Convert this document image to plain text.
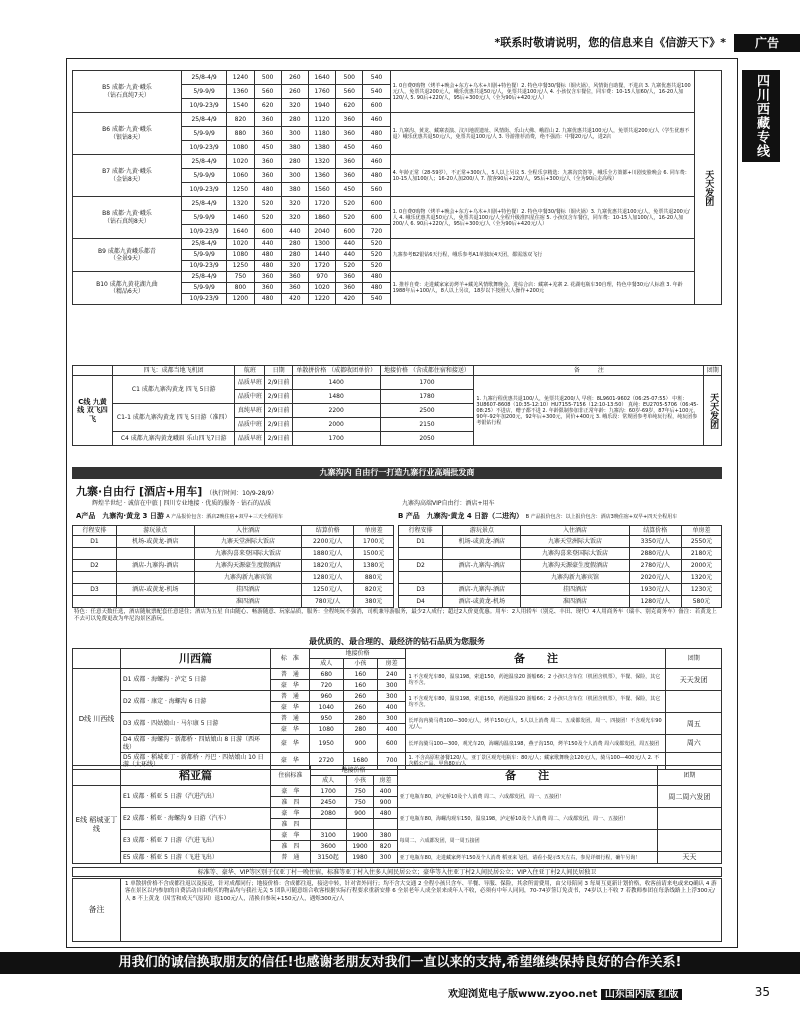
*联系时敬请说明，您的信息来自《信游天下》*	广告
四川西藏专线
B5 成都·九黄·峨乐
（钻石真纯7天）	25/8-4/9	1240	500	260	1640	500	540	1. 0自费0购物（烤羊+晚会+东方+乌木+川剧+特色餐）2. 特色中餐30/餐标（铜火锅），风情街自助餐，不进店 3. 九寨优惠共退100元/人，免票共退200元人，峨乐优惠共退50元/人，免票共退100元/人 4. 小孩仅含车餐位，同车费：10-15人加60/人，16-20人加120/人 5. 90后+220/人，95后+300元/人（全为90后+420元/人）	天天发团
	5/9-9/9	1360	560	260	1760	560	540		
	10/9-23/9	1540	620	320	1940	620	600		

B6 成都·九黄·峨乐
（银钻8天）	25/8-4/9	820	360	280	1120	360	460	1. 九寨沟、黄龙、藏寨表演、汶川地震遗址、风情街、乐山大佛、峨眉山 2. 九寨优惠共退100元/人，免票共退200元/人（学生优惠不退）峨乐优惠共退50元/人，免票共退100元/人 3. 导游推荐消费，绝不强消：中餐20元/人，进2店	
	5/9-9/9	880	360	300	1180	360	480		
	10/9-23/9	1080	450	380	1380	450	460		

B7 成都·九黄·峨乐
（金钻8天）	25/8-4/9	1020	360	280	1320	360	460	4. 年龄正常（28-59岁），不正常+300/人，5人以上另议 5. 全程乐享精选：九寨沟宾馆等，峨乐全方策都+川剧变脸晚会 6. 同车费：10-15人加100/人；16-20人加200/人 7. 散客90后+220/人，95后+300元/人（全为90后走高线）	
	5/9-9/9	1060	360	300	1360	360	480		
	10/9-23/9	1250	480	380	1560	450	560		

B8 成都·九黄·峨乐
（钻石真纯8天）	25/8-4/9	1320	520	320	1720	520	600	1. 0自费0购物（烤羊+晚会+东方+乌木+川剧+特色餐）2. 特色中餐30/餐标（铜火锅）3. 九寨优惠共退100元/人，免票共退200元/人 4. 峨乐优惠共退50元/人，免票共退100元/人全程升级准四星住宿 5. 小孩仅含车餐位，同车费：10-15人加100/人，16-20人加200/人 6. 90后+220/人，95后+300元/人（全为90后+420元/人）	
	5/9-9/9	1460	520	320	1860	520	600		
	10/9-23/9	1640	600	440	2040	600	720		

B9 成都九黄峨乐都青
（全景9天）	25/8-4/9	1020	440	280	1300	440	520	九寨参考B2银钻6天行程，峨乐参考A1单独玩4天团，都需落双飞行	
	5/9-9/9	1080	480	280	1440	440	520		
	10/9-23/9	1250	480	320	1720	520	520		

B10 成都九黄花湖九曲
（精品6天）	25/8-4/9	750	360	360	970	360	480	1. 推荐自费：走进藏家家访烤羊+藏羌风情歌舞晚会，进综合店：藏寨+羌寨 2. 花湖电瓶车30自理，特色中餐30元/人标准 3. 年龄1988年后+100/人，8人以上另议，18岁以下按照大人操作+200元	
	5/9-9/9	800	360	360	1020	360	480		
	10/9-23/9	1200	480	420	1220	420	540		
	四飞：成都当地飞机团	航班	日期	单散拼价格 （成都收团单价）	地接价格 （含成都住宿和接送）	备　　　注	团期
C线 九黄线 双飞四飞	C1 成都九寨沟黄龙 四飞 5日游	品质早班	2/9日前	1400	1700	1. 九寨行程优惠共退100/人，免票共退200/人 早班：8L9601-9602（06:25-07:55） 中班：3U8607-8608（10:35-12:10）HU7155-7156（12:10-13:50） 真纯：EU2705-5706（06:45-08:25）不进店，赠子都不进 2. 年龄限制参加非正常年龄：九寨沟：60岁-69岁，87年后+100元，90年-92年加200元，92年后+300元，同价+400元 3. 峨乐段：常规团参考单纯玩行程，纯玩团参考银钻行程	天天发团
		品质中班	2/9日前	1480	1780		
	C1-1 成都九寨沟黄龙 四飞 5日游（准四）	真纯早班	2/9日前	2200	2500		
		品质中班	2/9日前	2000	2150		
	C4 成都九寨沟黄龙峨眉 乐山四飞7日游	品质早班	2/9日前	1700	2050		
九寨沟内 自由行一打造九寨行业高端批发商
九寨·自由行 [酒店+用车] （执行时间：10/9-28/9）
辉煌半世纪 · 诚信在中旅 | 四川专业地接 · 优质的服务 · 钻石的品质	九寨沟高端VIP自由行：酒店+用车
A产品　九寨沟·黄龙 3 日游 A 产品报价包含：酒店2晚住宿+双早+三天全程用车	B 产品　九寨沟·黄龙 4 日游（二进沟） B 产品报价包含：以上报价包含：酒店3晚住宿+双早+四天全程用车
行程安排	游玩景点	入住酒店	结算价格	单房差
D1	机场-或黄龙-酒店	九寨天堂洲际大饭店	2200元/人	1700元
		九寨沟喜来登国际大饭店	1880元/人	1500元
D2	酒店-九寨沟-酒店	九寨沟天源豪生度假酒店	1820元/人	1380元
		九寨沟新九寨宾馆	1280元/人	880元
D3	酒店-或黄龙-机场	挂四酒店	1250元/人	820元
		准四酒店	780元/人	380元
行程安排	游玩景点	入住酒店	结算价格	单房差
D1	机场-或黄龙-酒店	九寨天堂洲际大饭店	3350元/人	2550元
		九寨沟喜来登国际大饭店	2880元/人	2180元
D2	酒店-九寨沟-酒店	九寨沟天源豪生度假酒店	2780元/人	2000元
		九寨沟新九寨宾馆	2020元/人	1320元
D3	酒店-九寨沟-酒店	挂四酒店	1930元/人	1230元
D4	酒店-或黄龙-机场	准四酒店	1280元/人	580元
特色：任意天数任选，酒店随航票配套任意延住；酒店为五星 自由随心、畅游随意、玩家品质，服务：全程纯玩不强消，司机兼导游服务，最少2人成行；超过2人价更优惠。用车：2人用轿车（别克、丰田、现代）4人用商务车（瑞丰、别克商务车）备注：若黄龙上不去可以免费更改为牟尼沟景区游玩。
最优质的、最合理的、最经济的钻石品质为您服务
	川西篇	标　准	地接价格			备　　注	团期
			成人	小孩	房差		
D线 川西线	D1 成都 · 海螺沟 · 泸定 5 日游	普　通	680	160	240	1 不含观光车80，温泉198，索道150，药池温泉20 游船66；2 小孩只含车位（机团含机票），半餐、保险，其它均不含。	天天发团
		豪　华	720	160	300		
	D2 成都 · 康定 · 海螺沟 6 日游	普　通	960	260	300	1 不含观光车80，温泉198，索道150，药池温泉20 游船66；2 小孩只含车位（机团含机票），半餐、保险，其它均不含。	
		豪　华	1040	260	400		
	D3 成都 · 四姑娘山 · 马尔康 5 日游	普　通	950	280	300	长坪沟内骑马费100—300元/人，烤羊150元/人，5人以上消费 周二、五成都发团，周一、四接团！不含观光车90元/人。	周五
		豪　华	1080	280	400		
	D4 成都 · 海螺沟 · 新都桥 · 四姑娘山 8 日游（西环线）	豪　华	1950	900	600	长坪沟骑马100—300，观光车20，海螺沟温泉198，燕子沟150，烤羊150及个人消费 周六成都发团，周五接团	周六
	D5 成都 · 稻城亚丁 · 新都桥 · 丹巴 · 四姑娘山 10 日游（大环线）	豪　华	2720	1680	700	1. 不含高原粒备餐120/人，亚丁景区观光电瓶车：80元/人；藏家歌舞晚会120元/人，骑马100—400元/人 2. 不含稻公产品，甲鲁80元/人	
	稻亚篇	住宿标准	地接价格			备　　注	团期
			成人	小孩	房差		
E线 稻城亚丁线	E1 成都 · 稻亚 5 日游（汽进汽出）	豪　华	1700	750	400	亚丁电瓶车80，泸定桥10及个人消费 周二、六成都发团，周一、五接团！	周二周六发团
		准　四	2450	750	900		
	E2 成都 · 稻亚 · 海螺沟 9 日游（汽车）	豪　华	2080	900	480	亚丁电瓶车80，海螺沟观车150，温泉198，泸定桥10及个人消费 周二、六成都发团，周一、五接团！	
		准　四					
	E3 成都 · 稻亚 7 日游（汽进飞出）	豪　华	3100	1900	380	每周二、六成都发团，周一周五接团	
		准　四	3600	1900	820		
	E5 成都 · 稻亚 5 日游（飞进飞出）	普　通	3150起	1980	300	亚丁电瓶车80，走进藏家烤羊150及个人消费 稻亚来飞团，请看小提示5天左右，参见详细行程，确午另询！	天天
标准等、豪华、VIP等区别于仅亚丁村一晚住宿，标准等亚丁村入住多人间民居公立；豪华等入住亚丁村2人间民居公立；VIP入住亚丁村2人间民居独卫
备注
1 单散拼价格不含成都往返以及接送，针对成都同行；地接价格：含成都往返，接送中转，针对省外同行；均不含大交通 2 全程小孩只含车、半餐、导服、保险，其余所需费用，由父母陪同 3 每周互更新计划价格，收客前请来电或来Q确认 4 游客在景区以内参加的自费活动自由购买的物品均与我社无关 5 团队可随意组合收客根据实际行程要求重新安排 6 全景老年人成全景来成年人不收，必须有中年人同同，70-74岁签订免责书，74岁以上不收 7 若教师参团在每条线路上上浮300元/人 8 不上黄龙（因雪和成天气原因）退100元/人，清换自参玩+150元/人，遇烁300元/人
用我们的诚信换取朋友的信任!也感谢老朋友对我们一直以来的支持,希望继续保持良好的合作关系!
欢迎浏览电子版www.zyoo.net 山东国内版 红版	35
